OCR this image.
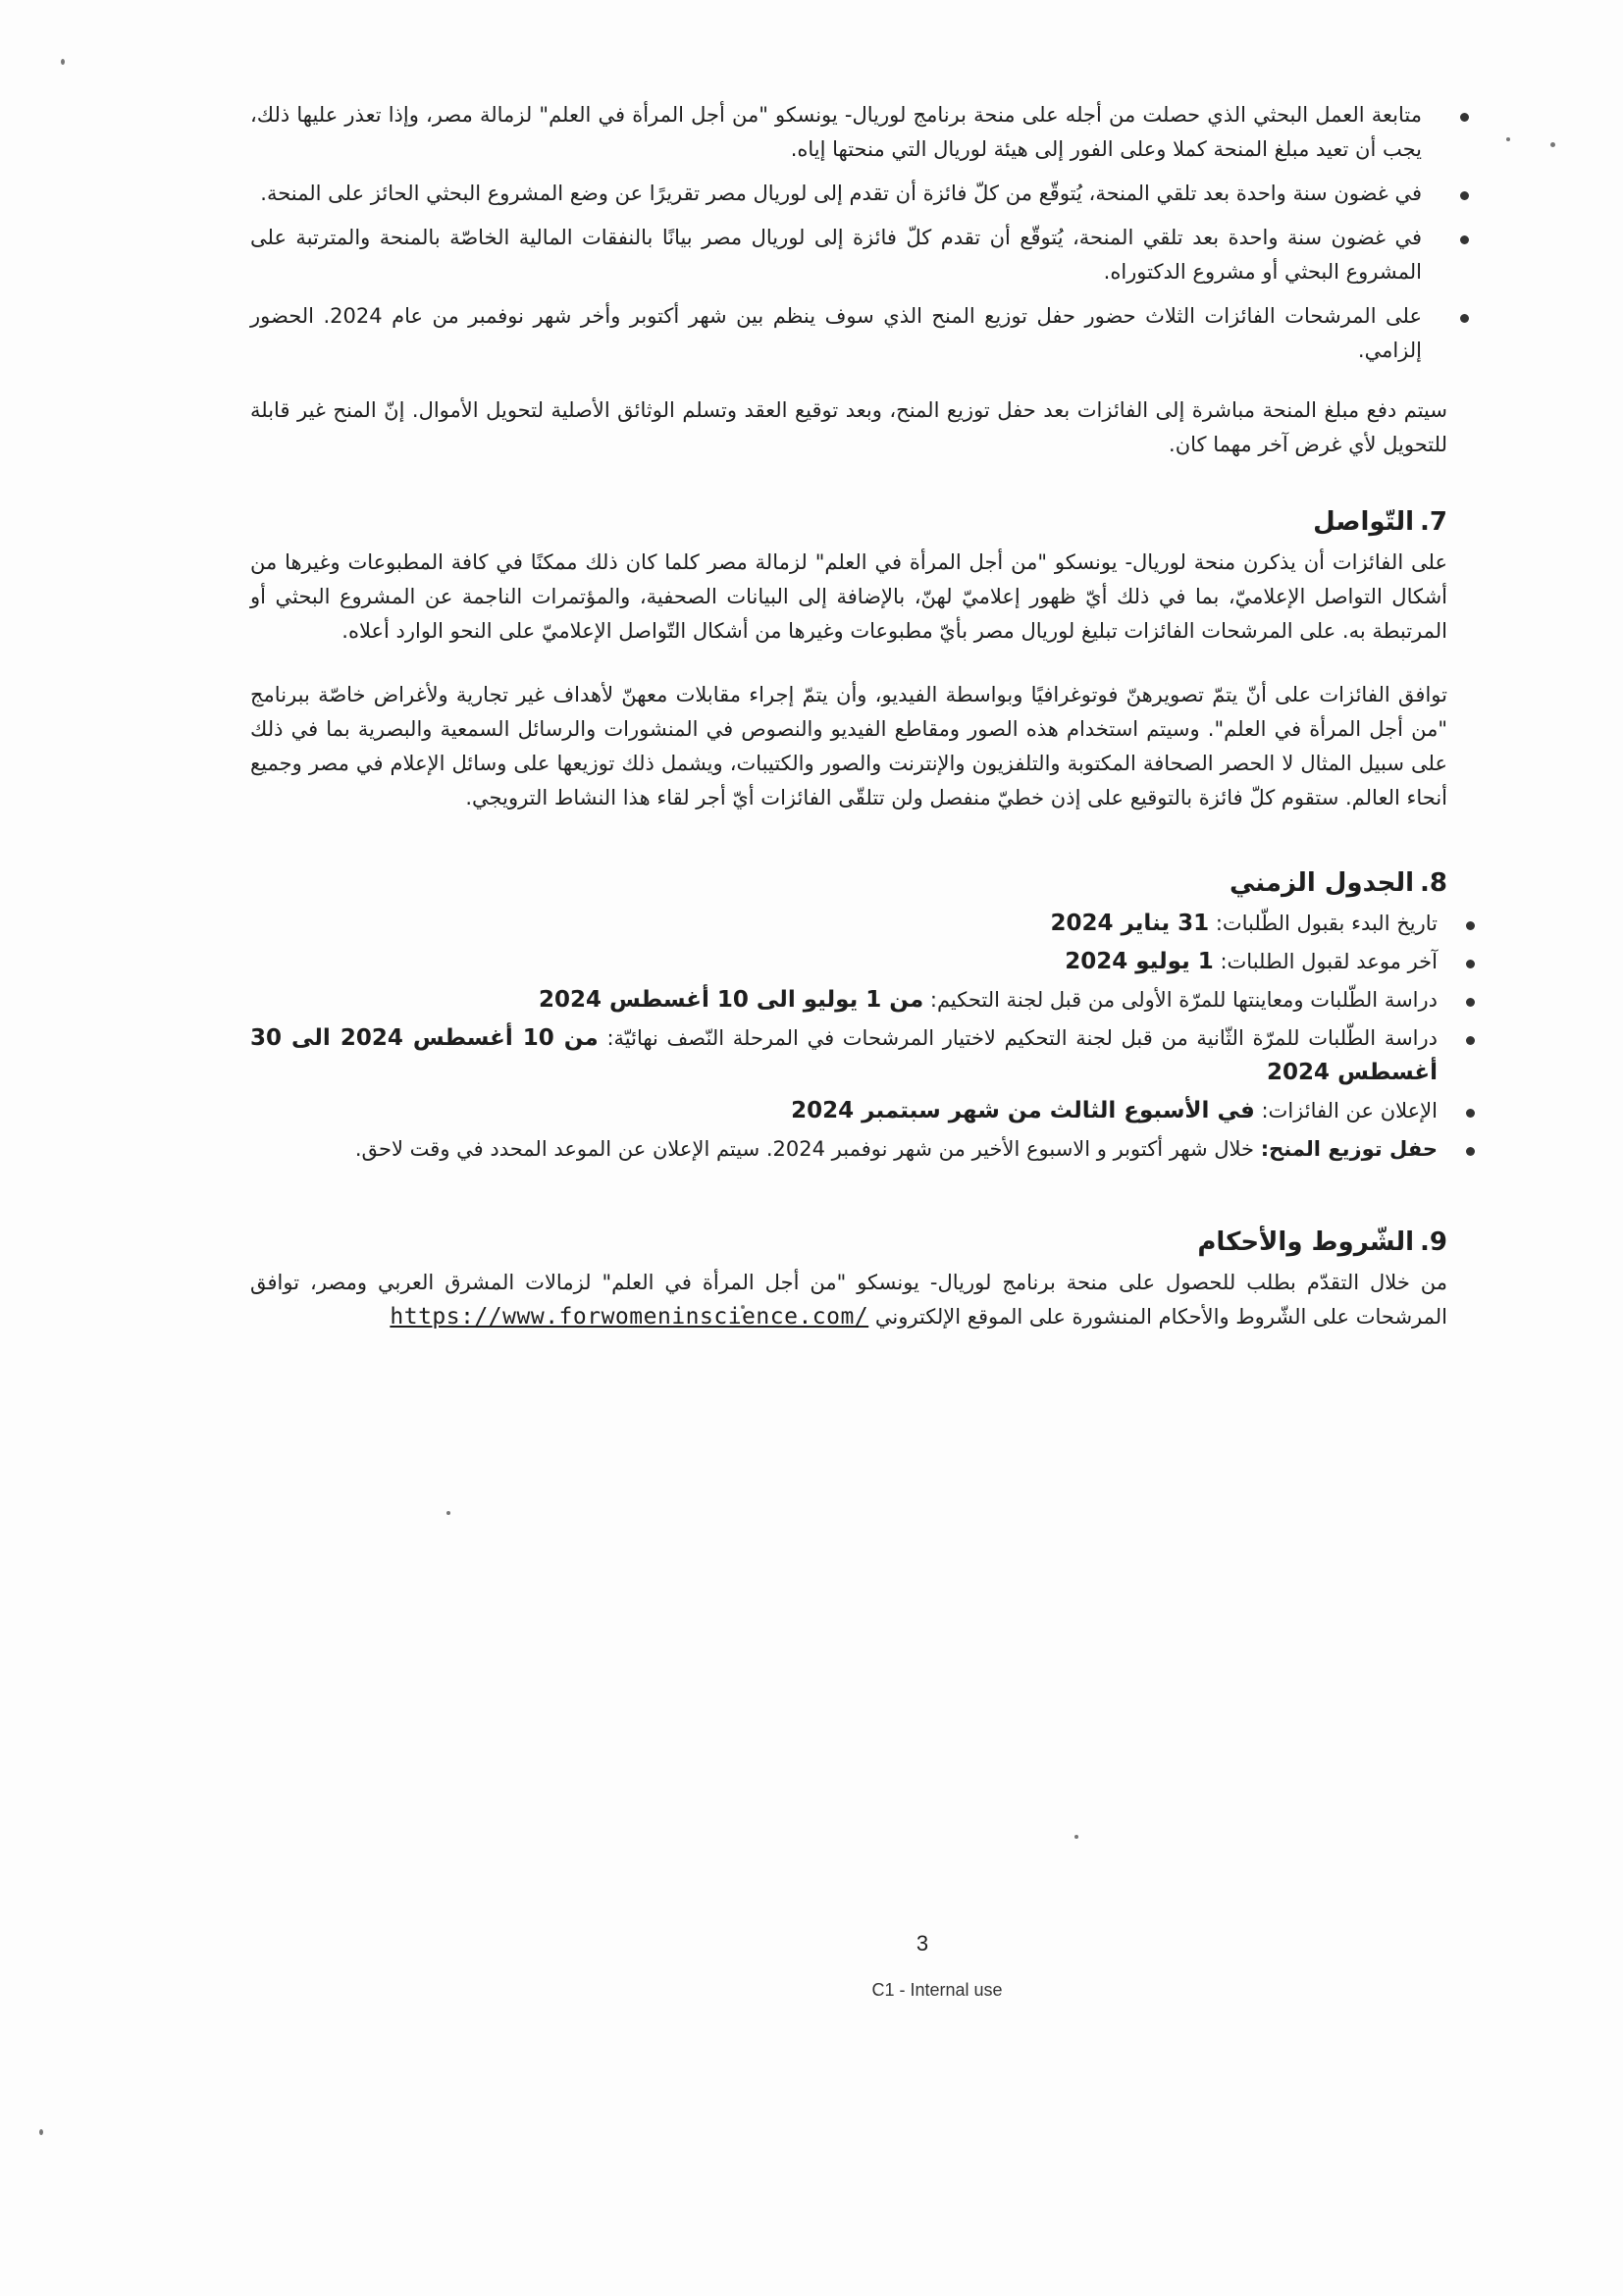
متابعة العمل البحثي الذي حصلت من أجله على منحة برنامج لوريال- يونسكو "من أجل المرأة في العلم" لزمالة مصر، وإذا تعذر عليها ذلك، يجب أن تعيد مبلغ المنحة كملا وعلى الفور إلى هيئة لوريال التي منحتها إياه.
في غضون سنة واحدة بعد تلقي المنحة، يُتوقّع من كلّ فائزة أن تقدم إلى لوريال مصر تقريرًا عن وضع المشروع البحثي الحائز على المنحة.
في غضون سنة واحدة بعد تلقي المنحة، يُتوقّع أن تقدم كلّ فائزة إلى لوريال مصر بيانًا بالنفقات المالية الخاصّة بالمنحة والمترتبة على المشروع البحثي أو مشروع الدكتوراه.
على المرشحات الفائزات الثلاث حضور حفل توزيع المنح الذي سوف ينظم بين شهر أكتوبر وأخر شهر نوفمبر من عام 2024. الحضور إلزامي.

سيتم دفع مبلغ المنحة مباشرة إلى الفائزات بعد حفل توزيع المنح، وبعد توقيع العقد وتسلم الوثائق الأصلية لتحويل الأموال. إنّ المنح غير قابلة للتحويل لأي غرض آخر مهما كان.

7.التّواصل

على الفائزات أن يذكرن منحة لوريال- يونسكو "من أجل المرأة في العلم" لزمالة مصر كلما كان ذلك ممكنًا في كافة المطبوعات وغيرها من أشكال التواصل الإعلاميّ، بما في ذلك أيّ ظهور إعلاميّ لهنّ، بالإضافة إلى البيانات الصحفية، والمؤتمرات الناجمة عن المشروع البحثي أو المرتبطة به. على المرشحات الفائزات تبليغ لوريال مصر بأيّ مطبوعات وغيرها من أشكال التّواصل الإعلاميّ على النحو الوارد أعلاه.

توافق الفائزات على أنّ يتمّ تصويرهنّ فوتوغرافيًا وبواسطة الفيديو، وأن يتمّ إجراء مقابلات معهنّ لأهداف غير تجارية ولأغراض خاصّة ببرنامج "من أجل المرأة في العلم". وسيتم استخدام هذه الصور ومقاطع الفيديو والنصوص في المنشورات والرسائل السمعية والبصرية بما في ذلك على سبيل المثال لا الحصر الصحافة المكتوبة والتلفزيون والإنترنت والصور والكتيبات، ويشمل ذلك توزيعها على وسائل الإعلام في مصر وجميع أنحاء العالم. ستقوم كلّ فائزة بالتوقيع على إذن خطيّ منفصل ولن تتلقّى الفائزات أيّ أجر لقاء هذا النشاط الترويجي.

8.الجدول الزمني
تاريخ البدء بقبول الطّلبات: 31 يناير 2024
آخر موعد لقبول الطلبات: 1 يوليو 2024
دراسة الطّلبات ومعاينتها للمرّة الأولى من قبل لجنة التحكيم: من 1 يوليو الى 10 أغسطس 2024
دراسة الطّلبات للمرّة الثّانية من قبل لجنة التحكيم لاختيار المرشحات في المرحلة النّصف نهائيّة: من 10 أغسطس 2024 الى 30 أغسطس 2024
الإعلان عن الفائزات: في الأسبوع الثالث من شهر سبتمبر 2024
حفل توزيع المنح: خلال شهر أكتوبر و الاسبوع الأخير من شهر نوفمبر 2024. سيتم الإعلان عن الموعد المحدد في وقت لاحق.
9.الشّروط والأحكام

من خلال التقدّم بطلب للحصول على منحة برنامج لوريال- يونسكو "من أجل المرأة في العلم" لزمالات المشرق العربي ومصر، توافق المرشحات على الشّروط والأحكام المنشورة على الموقع الإلكتروني https://www.forwomeninscience.com/

3
C1 - Internal use
